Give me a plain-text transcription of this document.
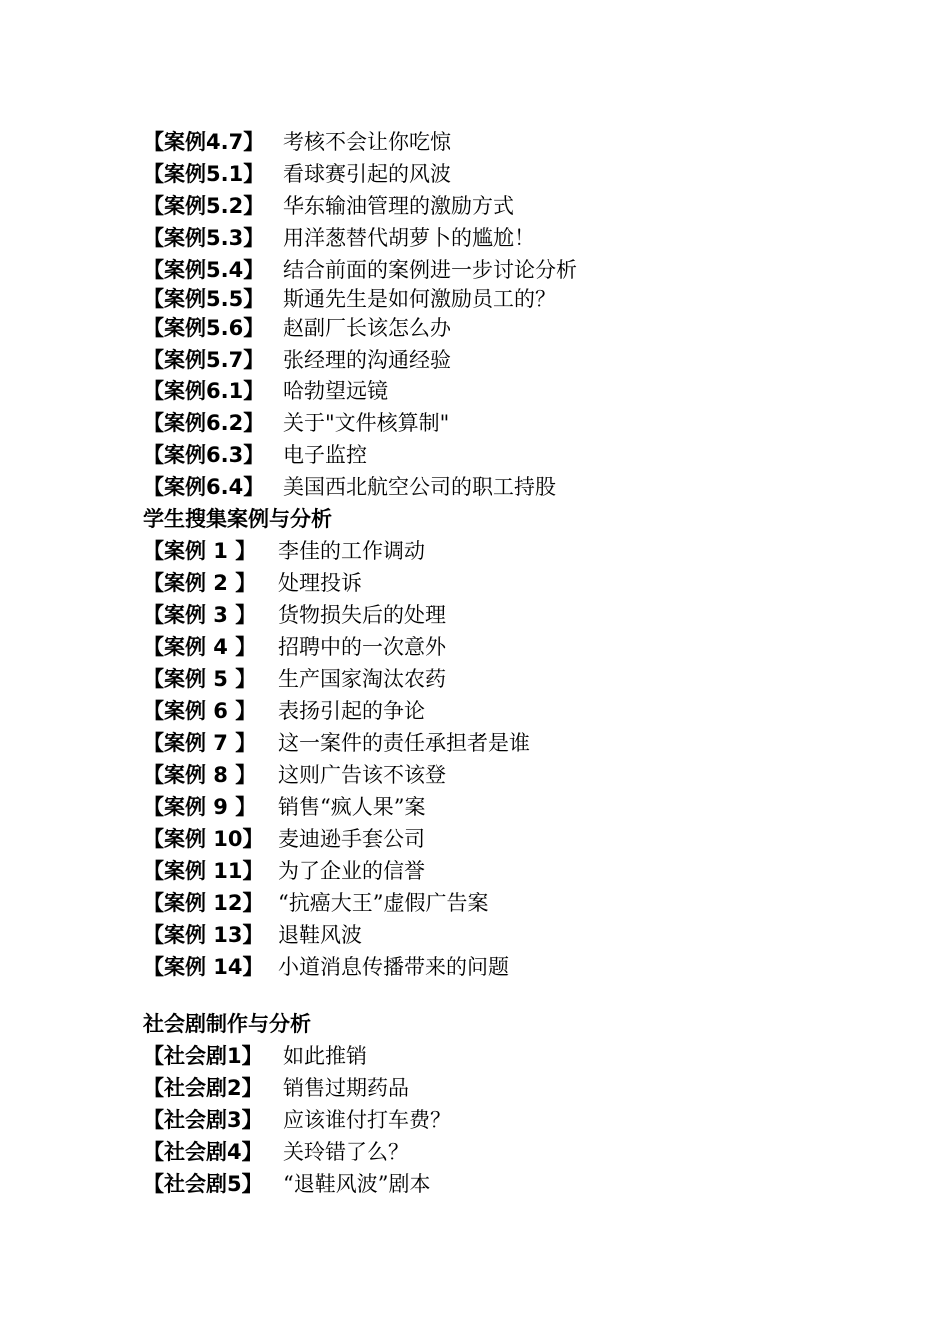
【案例4.7】 考核不会让你吃惊
【案例5.1】 看球赛引起的风波
【案例5.2】 华东输油管理的激励方式
【案例5.3】 用洋葱替代胡萝卜的尴尬！
【案例5.4】 结合前面的案例进一步讨论分析
【案例5.5】 斯通先生是如何激励员工的？
【案例5.6】 赵副厂长该怎么办
【案例5.7】 张经理的沟通经验
【案例6.1】 哈勃望远镜
【案例6.2】 关于"文件核算制"
【案例6.3】 电子监控
【案例6.4】 美国西北航空公司的职工持股
学生搜集案例与分析
【案例 1 】 李佳的工作调动
【案例 2 】 处理投诉
【案例 3 】 货物损失后的处理
【案例 4 】 招聘中的一次意外
【案例 5 】 生产国家淘汰农药
【案例 6 】 表扬引起的争论
【案例 7 】 这一案件的责任承担者是谁
【案例 8 】 这则广告该不该登
【案例 9 】 销售“疯人果”案
【案例 10】 麦迪逊手套公司
【案例 11】 为了企业的信誉
【案例 12】 “抗癌大王”虚假广告案
【案例 13】 退鞋风波
【案例 14】 小道消息传播带来的问题
社会剧制作与分析
【社会剧1】 如此推销
【社会剧2】 销售过期药品
【社会剧3】 应该谁付打车费？
【社会剧4】 关玲错了么？
【社会剧5】 “退鞋风波”剧本
